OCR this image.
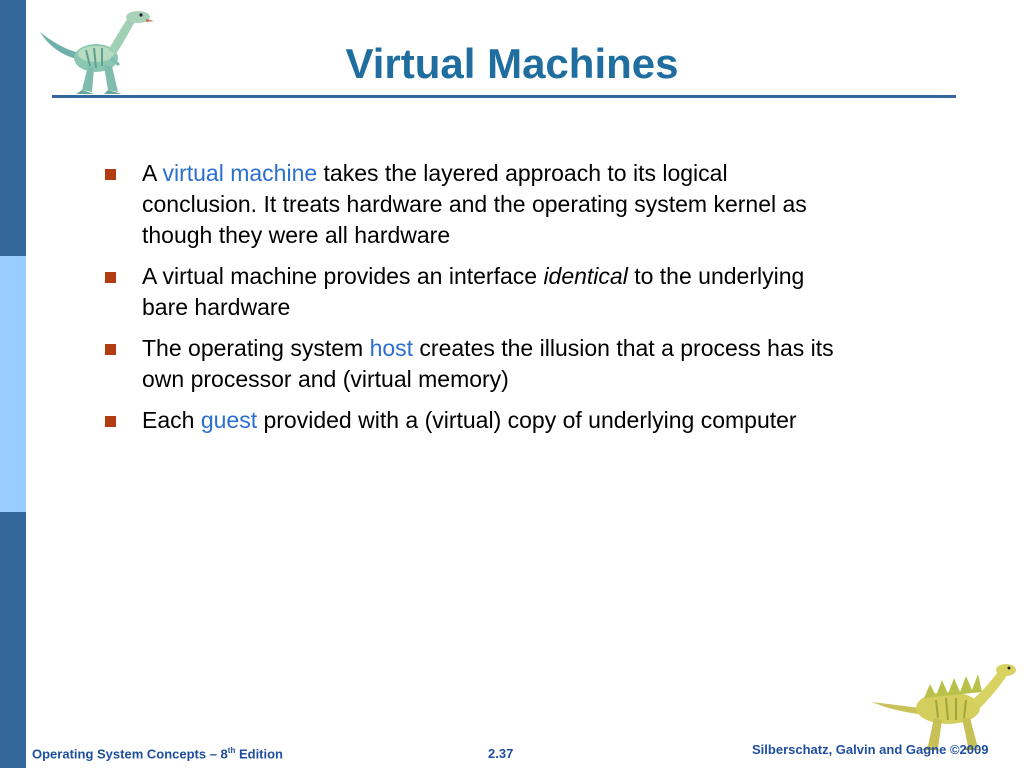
Virtual Machines
A virtual machine takes the layered approach to its logical conclusion. It treats hardware and the operating system kernel as though they were all hardware
A virtual machine provides an interface identical to the underlying bare hardware
The operating system host creates the illusion that a process has its own processor and (virtual memory)
Each guest provided with a (virtual) copy of underlying computer
Operating System Concepts – 8th Edition	2.37	Silberschatz, Galvin and Gagne ©2009
